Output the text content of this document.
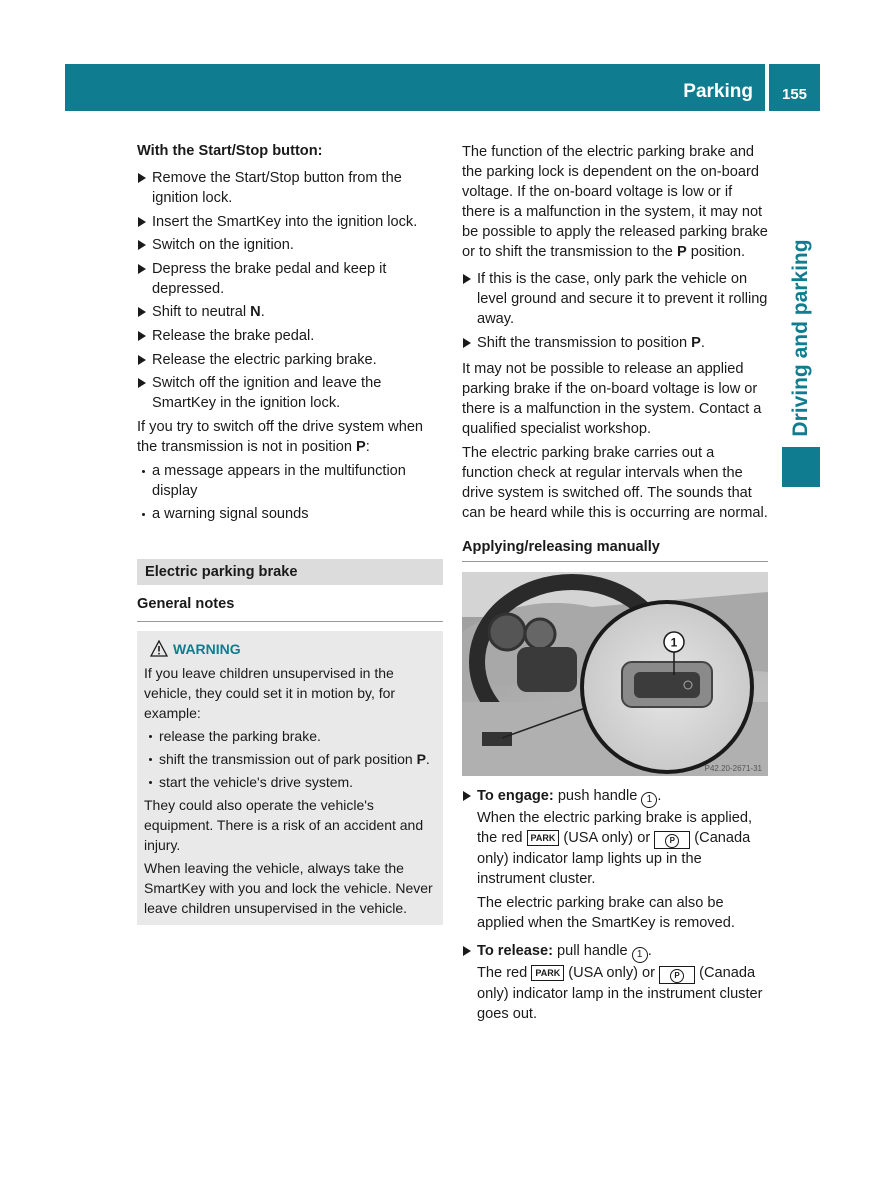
Parking	155
Driving and parking

With the Start/Stop button:

Remove the Start/Stop button from the ignition lock.
Insert the SmartKey into the ignition lock.
Switch on the ignition.
Depress the brake pedal and keep it depressed.
Shift to neutral N.
Release the brake pedal.
Release the electric parking brake.
Switch off the ignition and leave the SmartKey in the ignition lock.

If you try to switch off the drive system when the transmission is not in position P:

a message appears in the multifunction display
a warning signal sounds
Electric parking brake
General notes
WARNING

If you leave children unsupervised in the vehicle, they could set it in motion by, for example:

release the parking brake.
shift the transmission out of park position P.
start the vehicle's drive system.

They could also operate the vehicle's equipment. There is a risk of an accident and injury.

When leaving the vehicle, always take the SmartKey with you and lock the vehicle. Never leave children unsupervised in the vehicle.

The function of the electric parking brake and the parking lock is dependent on the on-board voltage. If the on-board voltage is low or if there is a malfunction in the system, it may not be possible to apply the released parking brake or to shift the transmission to the P position.

If this is the case, only park the vehicle on level ground and secure it to prevent it rolling away.
Shift the transmission to position P.

It may not be possible to release an applied parking brake if the on-board voltage is low or there is a malfunction in the system. Contact a qualified specialist workshop.

The electric parking brake carries out a function check at regular intervals when the drive system is switched off. The sounds that can be heard while this is occurring are normal.

Applying/releasing manually
1
P42.20-2671-31
To engage: push handle 1 .
When the electric parking brake is applied, the red PARK (USA only) or P (Canada only) indicator lamp lights up in the instrument cluster.

The electric parking brake can also be applied when the SmartKey is removed.

To release: pull handle 1 .
The red PARK (USA only) or P (Canada only) indicator lamp in the instrument cluster goes out.
